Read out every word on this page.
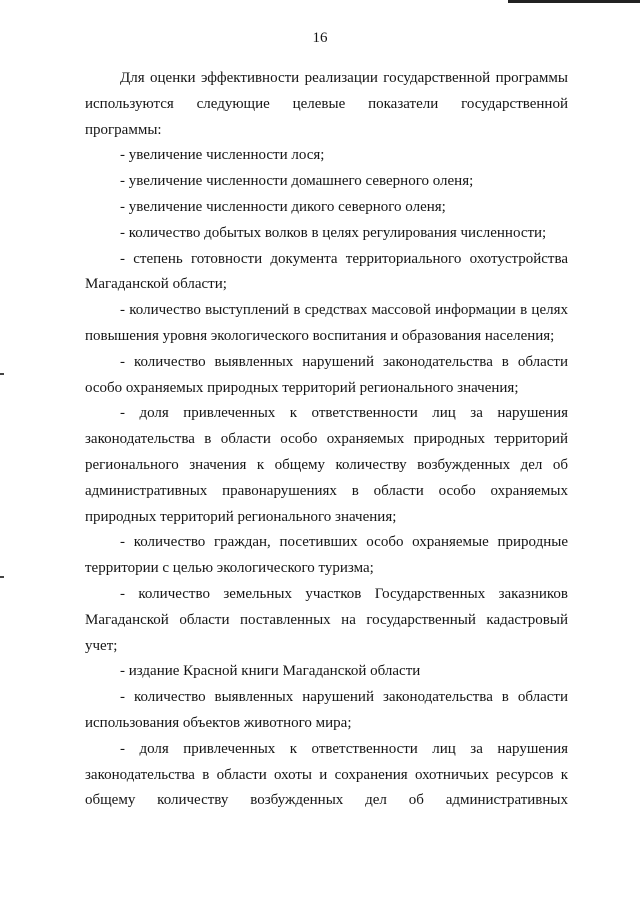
16

Для оценки эффективности реализации государственной программы используются следующие целевые показатели государственной программы:

- увеличение численности лося;

- увеличение численности домашнего северного оленя;

- увеличение численности дикого северного оленя;

- количество добытых волков в целях регулирования численности;

- степень готовности документа территориального охотустройства Магаданской области;

- количество выступлений в средствах массовой информации в целях повышения уровня экологического воспитания и образования населения;

- количество выявленных нарушений законодательства в области особо охраняемых природных территорий регионального значения;

- доля привлеченных к ответственности лиц за нарушения законодательства в области особо охраняемых природных территорий регионального значения к общему количеству возбужденных дел об административных правонарушениях в области особо охраняемых природных территорий регионального значения;

- количество граждан, посетивших особо охраняемые природные территории с целью экологического туризма;

- количество земельных участков Государственных заказников Магаданской области поставленных на государственный кадастровый учет;

- издание Красной книги Магаданской области

- количество выявленных нарушений законодательства в области использования объектов животного мира;

- доля привлеченных к ответственности лиц за нарушения законодательства в области охоты и сохранения охотничьих ресурсов к общему количеству возбужденных дел об административных
